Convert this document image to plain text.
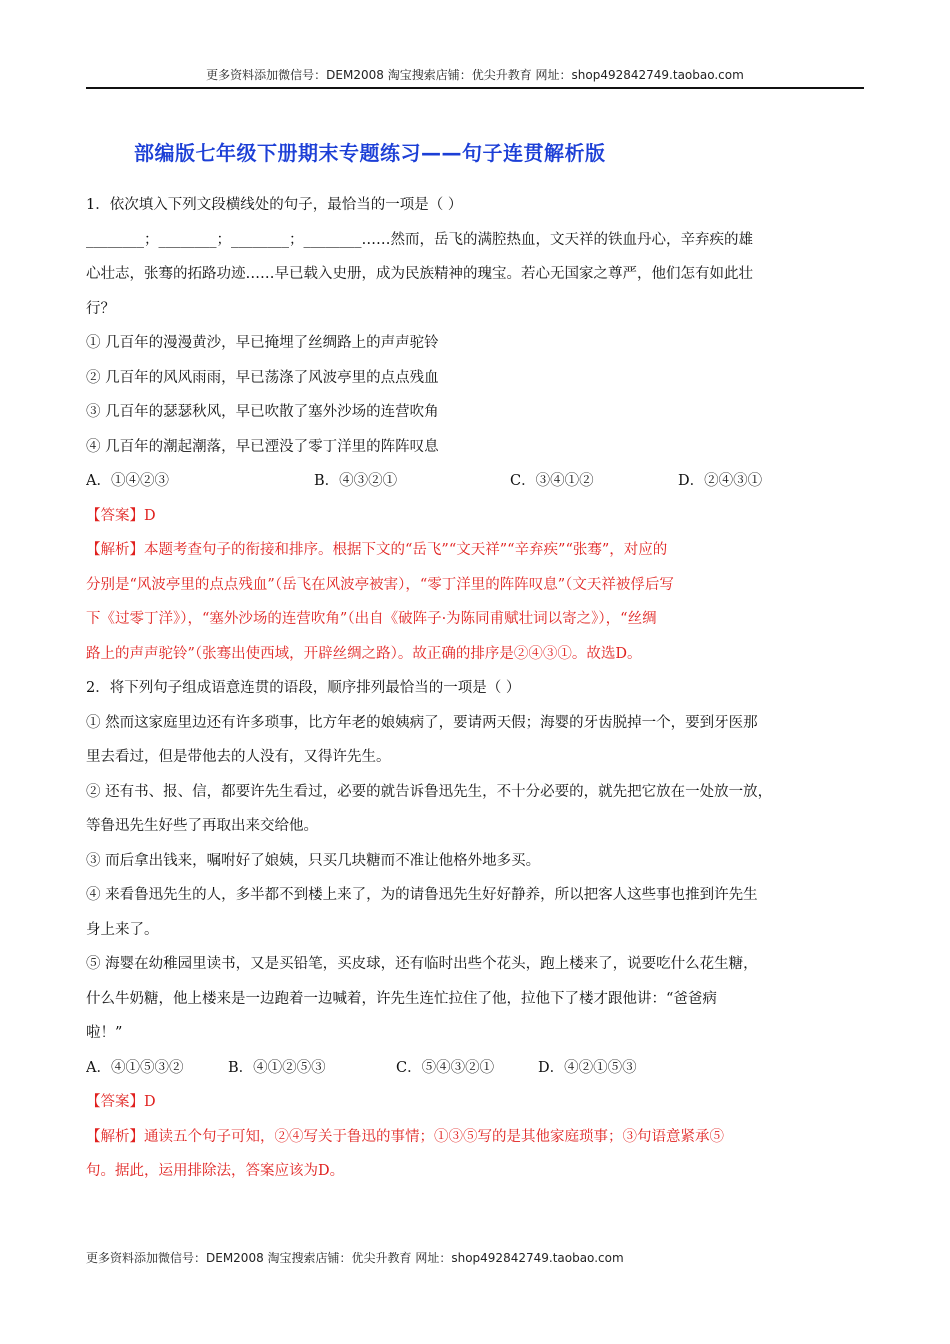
更多资料添加微信号：DEM2008 淘宝搜索店铺：优尖升教育 网址：shop492842749.taobao.com
部编版七年级下册期末专题练习——句子连贯解析版
1．依次填入下列文段横线处的句子，最恰当的一项是（ ）
________；________；________；________……然而，岳飞的满腔热血，文天祥的铁血丹心，辛弃疾的雄
心壮志，张骞的拓路功迹……早已载入史册，成为民族精神的瑰宝。若心无国家之尊严，他们怎有如此壮
行？
① 几百年的漫漫黄沙，早已掩埋了丝绸路上的声声驼铃
② 几百年的风风雨雨，早已荡涤了风波亭里的点点残血
③ 几百年的瑟瑟秋风，早已吹散了塞外沙场的连营吹角
④ 几百年的潮起潮落，早已湮没了零丁洋里的阵阵叹息
A．①④②③	B．④③②①	C．③④①②	D．②④③①
【答案】D
【解析】本题考查句子的衔接和排序。根据下文的“岳飞”“文天祥”“辛弃疾”“张骞”，对应的
分别是“风波亭里的点点残血”（岳飞在风波亭被害），“零丁洋里的阵阵叹息”（文天祥被俘后写
下《过零丁洋》），“塞外沙场的连营吹角”（出自《破阵子·为陈同甫赋壮词以寄之》），“丝绸
路上的声声驼铃”（张骞出使西域，开辟丝绸之路）。故正确的排序是②④③①。故选D。
2．将下列句子组成语意连贯的语段，顺序排列最恰当的一项是（ ）
① 然而这家庭里边还有许多琐事，比方年老的娘姨病了，要请两天假；海婴的牙齿脱掉一个，要到牙医那
里去看过，但是带他去的人没有，又得许先生。
② 还有书、报、信，都要许先生看过，必要的就告诉鲁迅先生，不十分必要的，就先把它放在一处放一放，
等鲁迅先生好些了再取出来交给他。
③ 而后拿出钱来，嘱咐好了娘姨，只买几块糖而不准让他格外地多买。
④ 来看鲁迅先生的人，多半都不到楼上来了，为的请鲁迅先生好好静养，所以把客人这些事也推到许先生
身上来了。
⑤ 海婴在幼稚园里读书，又是买铅笔，买皮球，还有临时出些个花头，跑上楼来了，说要吃什么花生糖，
什么牛奶糖，他上楼来是一边跑着一边喊着，许先生连忙拉住了他，拉他下了楼才跟他讲：“爸爸病
啦！”
A．④①⑤③②	B．④①②⑤③	C．⑤④③②①	D．④②①⑤③
【答案】D
【解析】通读五个句子可知，②④写关于鲁迅的事情；①③⑤写的是其他家庭琐事；③句语意紧承⑤
句。据此，运用排除法，答案应该为D。
更多资料添加微信号：DEM2008 淘宝搜索店铺：优尖升教育 网址：shop492842749.taobao.com
